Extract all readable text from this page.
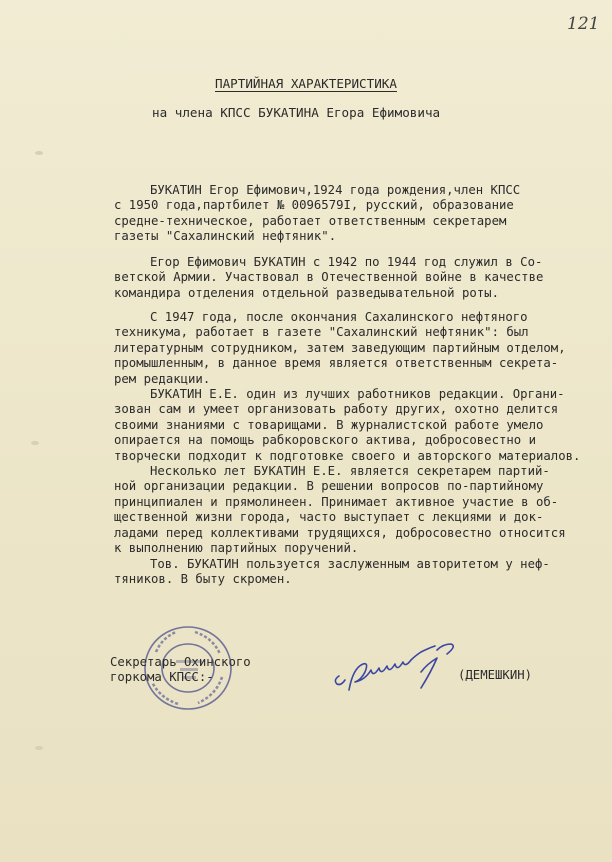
121
ПАРТИЙНАЯ ХАРАКТЕРИСТИКА
на члена КПСС БУКАТИНА Егора Ефимовича
БУКАТИН Егор Ефимович,1924 года рождения,член КПСС
с 1950 года,партбилет № 0096579I, русский, образование
средне-техническое, работает ответственным секретарем
газеты "Сахалинский нефтяник".
Егор Ефимович БУКАТИН с 1942 по 1944 год служил в Со-
ветской Армии. Участвовал в Отечественной войне в качестве
командира отделения отдельной разведывательной роты.
С 1947 года, после окончания Сахалинского нефтяного
техникума, работает в газете "Сахалинский нефтяник": был
литературным сотрудником, затем заведующим партийным отделом,
промышленным, в данное время является ответственным секрета-
рем редакции.
БУКАТИН Е.Е. один из лучших работников редакции. Органи-
зован сам и умеет организовать работу других, охотно делится
своими знаниями с товарищами. В журналистской работе умело
опирается на помощь рабкоровского актива, добросовестно и
творчески подходит к подготовке своего и авторского материалов.
Несколько лет БУКАТИН Е.Е. является секретарем партий-
ной организации редакции. В решении вопросов по-партийному
принципиален и прямолинеен. Принимает активное участие в об-
щественной жизни города, часто выступает с лекциями и док-
ладами перед коллективами трудящихся, добросовестно относится
к выполнению партийных поручений.
Тов. БУКАТИН пользуется заслуженным авторитетом у неф-
тяников. В быту скромен.
Секретарь Охинского
горкома КПСС:-	(ДЕМЕШКИН)
